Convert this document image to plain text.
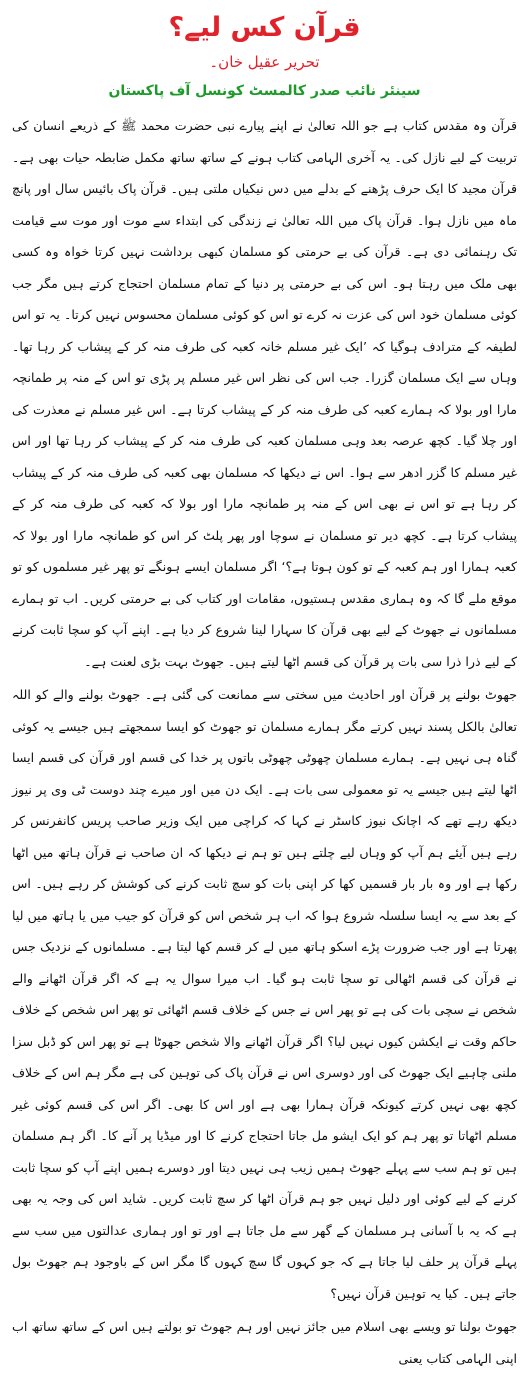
قرآن کس لیے؟
تحریر عقیل خان۔
سینئر نائب صدر کالمسٹ کونسل آف پاکستان
قرآن وہ مقدس کتاب ہے جو اللہ تعالیٰ نے اپنے پیارے نبی حضرت محمد ﷺ کے ذریعے انسان کی تربیت کے لیے نازل کی۔ یہ آخری الہامی کتاب ہونے کے ساتھ ساتھ مکمل ضابطہ حیات بھی ہے۔ قرآن مجید کا ایک حرف پڑھنے کے بدلے میں دس نیکیاں ملتی ہیں۔ قرآن پاک بائیس سال اور پانچ ماہ میں نازل ہوا۔ قرآن پاک میں اللہ تعالیٰ نے زندگی کی ابتداء سے موت اور موت سے قیامت تک رہنمائی دی ہے۔ قرآن کی بے حرمتی کو مسلمان کبھی برداشت نہیں کرتا خواہ وہ کسی بھی ملک میں رہتا ہو۔ اس کی بے حرمتی پر دنیا کے تمام مسلمان احتجاج کرتے ہیں مگر جب کوئی مسلمان خود اس کی عزت نہ کرے تو اس کو کوئی مسلمان محسوس نہیں کرتا۔ یہ تو اس لطیفہ کے مترادف ہوگیا کہ ’ایک غیر مسلم خانہ کعبہ کی طرف منہ کر کے پیشاب کر رہا تھا۔ وہاں سے ایک مسلمان گزرا۔ جب اس کی نظر اس غیر مسلم پر پڑی تو اس کے منہ پر طمانچہ مارا اور بولا کہ ہمارے کعبہ کی طرف منہ کر کے پیشاب کرتا ہے۔ اس غیر مسلم نے معذرت کی اور چلا گیا۔ کچھ عرصہ بعد وہی مسلمان کعبہ کی طرف منہ کر کے پیشاب کر رہا تھا اور اس غیر مسلم کا گزر ادھر سے ہوا۔ اس نے دیکھا کہ مسلمان بھی کعبہ کی طرف منہ کر کے پیشاب کر رہا ہے تو اس نے بھی اس کے منہ پر طمانچہ مارا اور بولا کہ کعبہ کی طرف منہ کر کے پیشاب کرتا ہے۔ کچھ دیر تو مسلمان نے سوچا اور پھر پلٹ کر اس کو طمانچہ مارا اور بولا کہ کعبہ ہمارا اور ہم کعبہ کے تو کون ہوتا ہے؟‘ اگر مسلمان ایسے ہونگے تو پھر غیر مسلموں کو تو موقع ملے گا کہ وہ ہماری مقدس ہستیوں، مقامات اور کتاب کی بے حرمتی کریں۔ اب تو ہمارے مسلمانوں نے جھوٹ کے لیے بھی قرآن کا سہارا لینا شروع کر دیا ہے۔ اپنے آپ کو سچا ثابت کرنے کے لیے ذرا ذرا سی بات پر قرآن کی قسم اٹھا لیتے ہیں۔ جھوٹ بہت بڑی لعنت ہے۔
جھوٹ بولنے پر قرآن اور احادیث میں سختی سے ممانعت کی گئی ہے۔ جھوٹ بولنے والے کو اللہ تعالیٰ بالکل پسند نہیں کرتے مگر ہمارے مسلمان تو جھوٹ کو ایسا سمجھتے ہیں جیسے یہ کوئی گناہ ہی نہیں ہے۔ ہمارے مسلمان چھوٹی چھوٹی باتوں پر خدا کی قسم اور قرآن کی قسم ایسا اٹھا لیتے ہیں جیسے یہ تو معمولی سی بات ہے۔ ایک دن میں اور میرے چند دوست ٹی وی پر نیوز دیکھ رہے تھے کہ اچانک نیوز کاسٹر نے کہا کہ کراچی میں ایک وزیر صاحب پریس کانفرنس کر رہے ہیں آیئے ہم آپ کو وہاں لیے چلتے ہیں تو ہم نے دیکھا کہ ان صاحب نے قرآن ہاتھ میں اٹھا رکھا ہے اور وہ بار بار قسمیں کھا کر اپنی بات کو سچ ثابت کرنے کی کوشش کر رہے ہیں۔ اس کے بعد سے یہ ایسا سلسلہ شروع ہوا کہ اب ہر شخص اس کو قرآن کو جیب میں یا ہاتھ میں لیا پھرتا ہے اور جب ضرورت پڑے اسکو ہاتھ میں لے کر قسم کھا لیتا ہے۔ مسلمانوں کے نزدیک جس نے قرآن کی قسم اٹھالی تو سچا ثابت ہو گیا۔ اب میرا سوال یہ ہے کہ اگر قرآن اٹھانے والے شخص نے سچی بات کی ہے تو پھر اس نے جس کے خلاف قسم اٹھائی تو پھر اس شخص کے خلاف حاکم وقت نے ایکشن کیوں نہیں لیا؟ اگر قرآن اٹھانے والا شخص جھوٹا ہے تو پھر اس کو ڈبل سزا ملنی چاہیے ایک جھوٹ کی اور دوسری اس نے قرآن پاک کی توہین کی ہے مگر ہم اس کے خلاف کچھ بھی نہیں کرتے کیونکہ قرآن ہمارا بھی ہے اور اس کا بھی۔ اگر اس کی قسم کوئی غیر مسلم اٹھاتا تو پھر ہم کو ایک ایشو مل جاتا احتجاج کرنے کا اور میڈیا پر آنے کا۔ اگر ہم مسلمان ہیں تو ہم سب سے پہلے جھوٹ ہمیں زیب ہی نہیں دیتا اور دوسرے ہمیں اپنے آپ کو سچا ثابت کرنے کے لیے کوئی اور دلیل نہیں جو ہم قرآن اٹھا کر سچ ثابت کریں۔ شاید اس کی وجہ یہ بھی ہے کہ یہ با آسانی ہر مسلمان کے گھر سے مل جاتا ہے اور تو اور ہماری عدالتوں میں سب سے پہلے قرآن پر حلف لیا جاتا ہے کہ جو کہوں گا سچ کہوں گا مگر اس کے باوجود ہم جھوٹ بول جاتے ہیں۔ کیا یہ توہین قرآن نہیں؟
جھوٹ بولنا تو ویسے بھی اسلام میں جائز نہیں اور ہم جھوٹ تو بولتے ہیں اس کے ساتھ ساتھ اب اپنی الہامی کتاب یعنی
